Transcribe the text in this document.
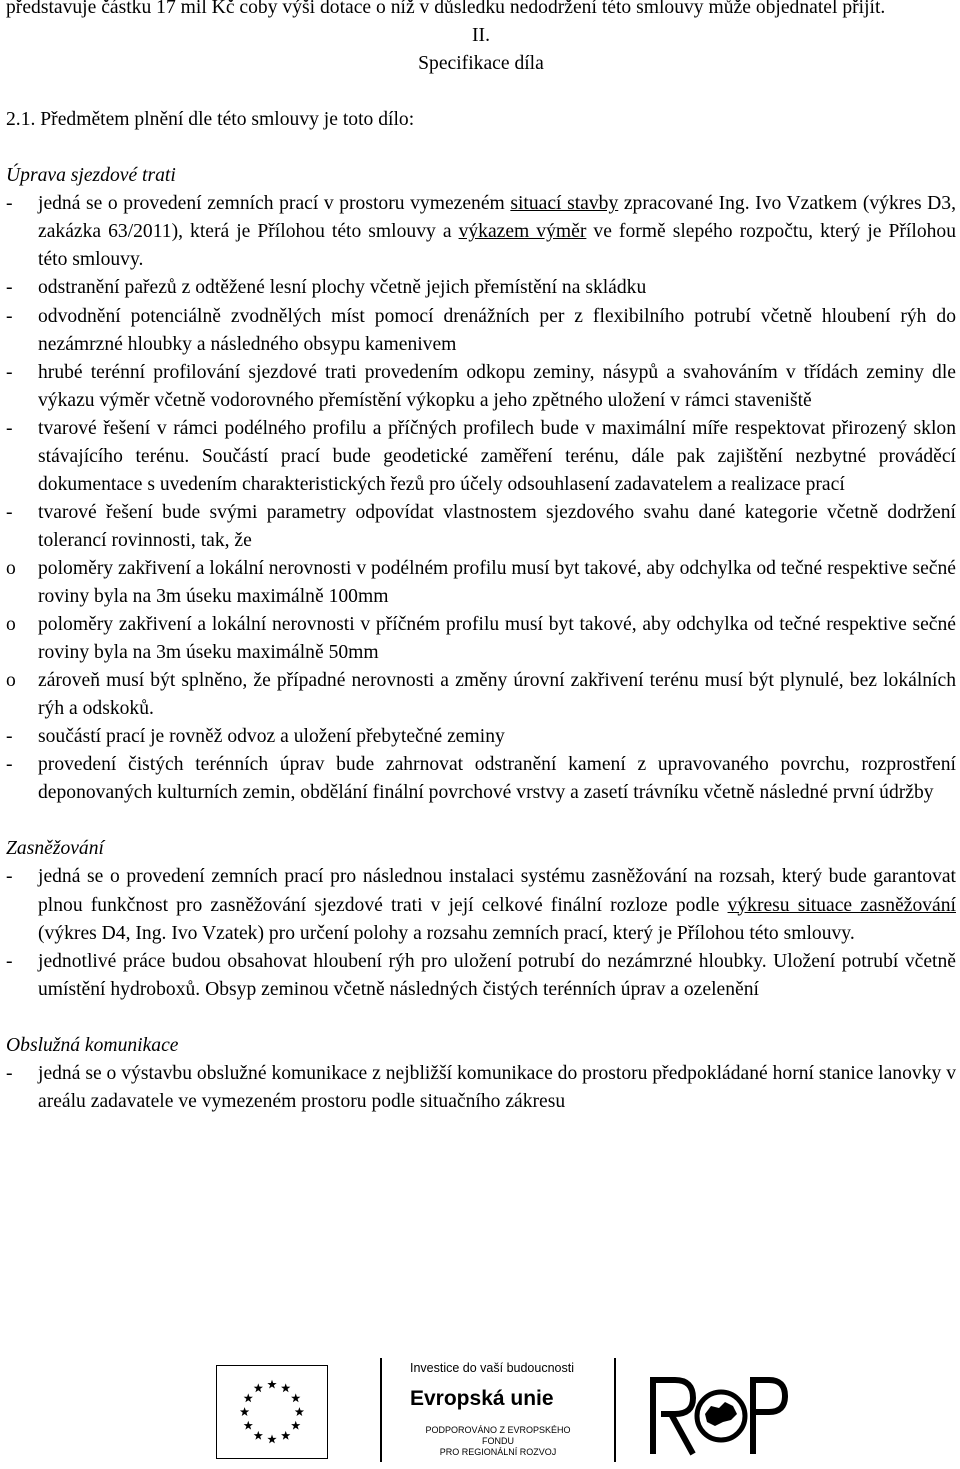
představuje částku 17 mil Kč coby výši dotace o níž v důsledku nedodržení této smlouvy může objednatel přijít.

II.

Specifikace díla

2.1. Předmětem plnění dle této smlouvy je toto dílo:

Úprava sjezdové trati

-	jedná se o provedení zemních prací v prostoru vymezeném situací stavby zpracované Ing. Ivo Vzatkem (výkres D3, zakázka 63/2011), která je Přílohou této smlouvy a výkazem výměr ve formě slepého rozpočtu, který je Přílohou této smlouvy.
-	odstranění pařezů z odtěžené lesní plochy včetně jejich přemístění na skládku
-	odvodnění potenciálně zvodnělých míst pomocí drenážních per z flexibilního potrubí včetně hloubení rýh do nezámrzné hloubky a následného obsypu kamenivem
-	hrubé terénní profilování sjezdové trati provedením odkopu zeminy, násypů a svahováním v třídách zeminy dle výkazu výměr včetně vodorovného přemístění výkopku a jeho zpětného uložení v rámci staveniště
-	tvarové řešení v rámci podélného profilu a příčných profilech bude v maximální míře respektovat přirozený sklon stávajícího terénu. Součástí prací bude geodetické zaměření terénu, dále pak zajištění nezbytné prováděcí dokumentace s uvedením charakteristických řezů pro účely odsouhlasení zadavatelem a realizace prací
-	tvarové řešení bude svými parametry odpovídat vlastnostem sjezdového svahu dané kategorie včetně dodržení tolerancí rovinnosti, tak, že
o	poloměry zakřivení a lokální nerovnosti v podélném profilu musí byt takové, aby odchylka od tečné respektive sečné roviny byla na 3m úseku maximálně 100mm
o	poloměry zakřivení a lokální nerovnosti v příčném profilu musí byt takové, aby odchylka od tečné respektive sečné roviny byla na 3m úseku maximálně 50mm
o	zároveň musí být splněno, že případné nerovnosti a změny úrovní zakřivení terénu musí být plynulé, bez lokálních rýh a odskoků.
-	součástí prací je rovněž odvoz a uložení přebytečné zeminy
-	provedení čistých terénních úprav bude zahrnovat odstranění kamení z upravovaného povrchu, rozprostření deponovaných kulturních zemin, obdělání finální povrchové vrstvy a zasetí trávníku včetně následné první údržby

Zasněžování

-	jedná se o provedení zemních prací pro následnou instalaci systému zasněžování na rozsah, který bude garantovat plnou funkčnost pro zasněžování sjezdové trati v její celkové finální rozloze podle výkresu situace zasněžování (výkres D4, Ing. Ivo Vzatek) pro určení polohy a rozsahu zemních prací, který je Přílohou této smlouvy.
-	jednotlivé práce budou obsahovat hloubení rýh pro uložení potrubí do nezámrzné hloubky. Uložení potrubí včetně umístění hydroboxů. Obsyp zeminou včetně následných čistých terénních úprav a ozelenění

Obslužná komunikace

-	jedná se o výstavbu obslužné komunikace z nejbližší komunikace do prostoru předpokládané horní stanice lanovky v areálu zadavatele ve vymezeném prostoru podle situačního zákresu
Investice do vaší budoucnosti
Evropská unie
PODPOROVÁNO Z EVROPSKÉHO FONDU
PRO REGIONÁLNÍ ROZVOJ
